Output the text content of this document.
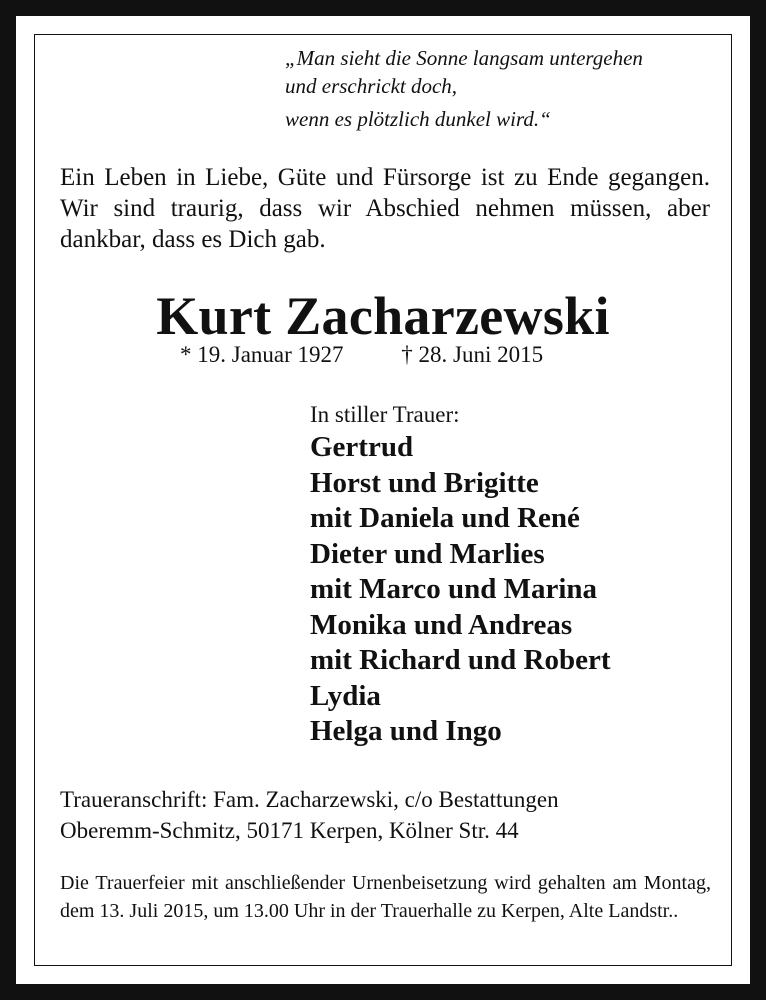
„Man sieht die Sonne langsam untergehen
und erschrickt doch,
wenn es plötzlich dunkel wird.“
Ein Leben in Liebe, Güte und Fürsorge ist zu Ende gegangen. Wir sind traurig, dass wir Abschied nehmen müssen, aber dankbar, dass es Dich gab.
Kurt Zacharzewski
* 19. Januar 1927	† 28. Juni 2015
In stiller Trauer:
Gertrud
Horst und Brigitte
mit Daniela und René
Dieter und Marlies
mit Marco und Marina
Monika und Andreas
mit Richard und Robert
Lydia
Helga und Ingo
Traueranschrift: Fam. Zacharzewski, c/o Bestattungen
Oberemm-Schmitz, 50171 Kerpen, Kölner Str. 44
Die Trauerfeier mit anschließender Urnenbeisetzung wird gehalten am Montag, dem 13. Juli 2015, um 13.00 Uhr in der Trauerhalle zu Kerpen, Alte Landstr..
